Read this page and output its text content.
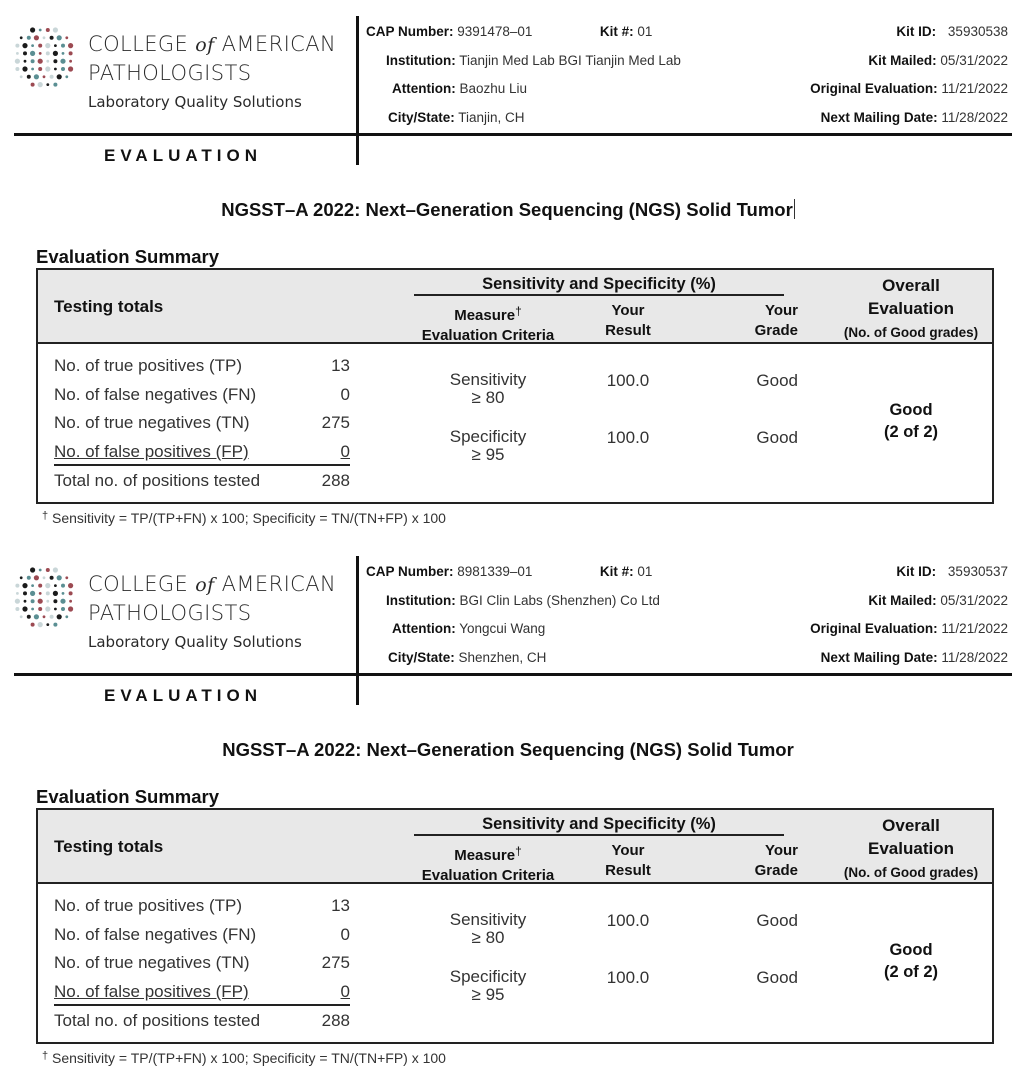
COLLEGE of AMERICAN
PATHOLOGISTS
Laboratory Quality Solutions
EVALUATION
CAP Number: 9391478–01	Kit #: 01
Institution: Tianjin Med Lab BGI Tianjin Med Lab
Attention: Baozhu Liu
City/State: Tianjin, CH
Kit ID: 35930538
Kit Mailed: 05/31/2022
Original Evaluation: 11/21/2022
Next Mailing Date: 11/28/2022
NGSST–A 2022: Next–Generation Sequencing (NGS) Solid Tumor
Evaluation Summary
Testing totals
Sensitivity and Specificity (%)
Measure†
Evaluation Criteria
Your
Result
Your
Grade
Overall
Evaluation
(No. of Good grades)
No. of true positives (TP)	13
No. of false negatives (FN)	0
No. of true negatives (TN)	275
No. of false positives (FP)	0
Total no. of positions tested	288
Sensitivity
≥ 80
100.0	Good
Specificity
≥ 95
100.0	Good
Good
(2 of 2)
† Sensitivity = TP/(TP+FN) x 100; Specificity = TN/(TN+FP) x 100
COLLEGE of AMERICAN
PATHOLOGISTS
Laboratory Quality Solutions
EVALUATION
CAP Number: 8981339–01	Kit #: 01
Institution: BGI Clin Labs (Shenzhen) Co Ltd
Attention: Yongcui Wang
City/State: Shenzhen, CH
Kit ID: 35930537
Kit Mailed: 05/31/2022
Original Evaluation: 11/21/2022
Next Mailing Date: 11/28/2022
NGSST–A 2022: Next–Generation Sequencing (NGS) Solid Tumor
Evaluation Summary
Testing totals
Sensitivity and Specificity (%)
Measure†
Evaluation Criteria
Your
Result
Your
Grade
Overall
Evaluation
(No. of Good grades)
No. of true positives (TP)	13
No. of false negatives (FN)	0
No. of true negatives (TN)	275
No. of false positives (FP)	0
Total no. of positions tested	288
Sensitivity
≥ 80
100.0	Good
Specificity
≥ 95
100.0	Good
Good
(2 of 2)
† Sensitivity = TP/(TP+FN) x 100; Specificity = TN/(TN+FP) x 100
